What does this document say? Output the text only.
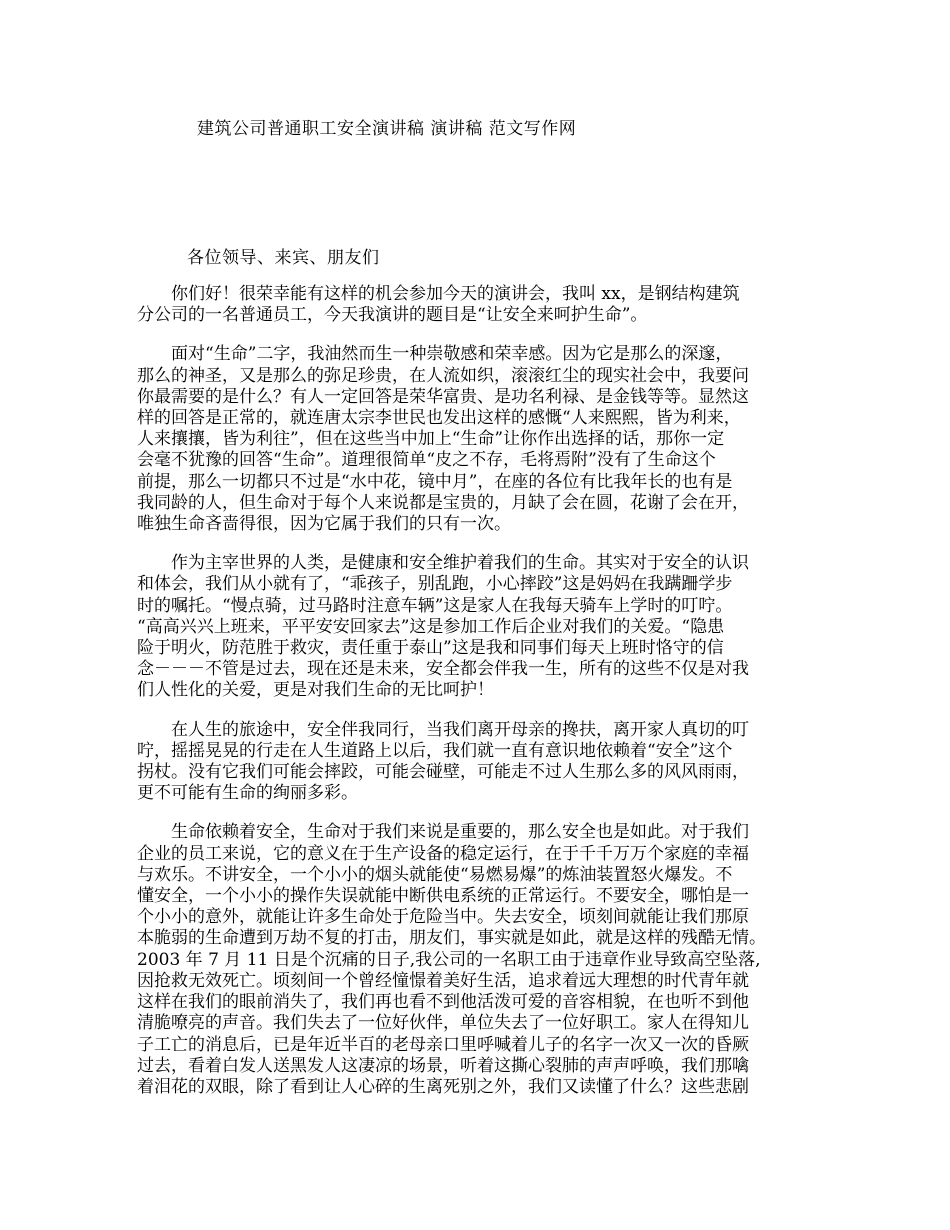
建筑公司普通职工安全演讲稿 演讲稿 范文写作网

各位领导、来宾、朋友们

　　你们好！很荣幸能有这样的机会参加今天的演讲会，我叫 xx，是钢结构建筑
分公司的一名普通员工，今天我演讲的题目是“让安全来呵护生命”。
　　面对“生命”二字，我油然而生一种崇敬感和荣幸感。因为它是那么的深邃，
那么的神圣，又是那么的弥足珍贵，在人流如织，滚滚红尘的现实社会中，我要问
你最需要的是什么？有人一定回答是荣华富贵、是功名利禄、是金钱等等。显然这
样的回答是正常的，就连唐太宗李世民也发出这样的感慨“人来熙熙，皆为利来，
人来攘攘，皆为利往”，但在这些当中加上“生命”让你作出选择的话，那你一定
会毫不犹豫的回答“生命”。道理很简单“皮之不存，毛将焉附”没有了生命这个
前提，那么一切都只不过是“水中花，镜中月”，在座的各位有比我年长的也有是
我同龄的人，但生命对于每个人来说都是宝贵的，月缺了会在圆，花谢了会在开，
唯独生命吝啬得很，因为它属于我们的只有一次。
　　作为主宰世界的人类，是健康和安全维护着我们的生命。其实对于安全的认识
和体会，我们从小就有了，“乖孩子，别乱跑，小心摔跤”这是妈妈在我蹒跚学步
时的嘱托。“慢点骑，过马路时注意车辆”这是家人在我每天骑车上学时的叮咛。
“高高兴兴上班来，平平安安回家去”这是参加工作后企业对我们的关爱。“隐患
险于明火，防范胜于救灾，责任重于泰山”这是我和同事们每天上班时恪守的信
念－－－不管是过去，现在还是未来，安全都会伴我一生，所有的这些不仅是对我
们人性化的关爱，更是对我们生命的无比呵护！
　　在人生的旅途中，安全伴我同行，当我们离开母亲的搀扶，离开家人真切的叮
咛，摇摇晃晃的行走在人生道路上以后，我们就一直有意识地依赖着“安全”这个
拐杖。没有它我们可能会摔跤，可能会碰壁，可能走不过人生那么多的风风雨雨，
更不可能有生命的绚丽多彩。
　　生命依赖着安全，生命对于我们来说是重要的，那么安全也是如此。对于我们
企业的员工来说，它的意义在于生产设备的稳定运行，在于千千万万个家庭的幸福
与欢乐。不讲安全，一个小小的烟头就能使“易燃易爆”的炼油装置怒火爆发。不
懂安全，一个小小的操作失误就能中断供电系统的正常运行。不要安全，哪怕是一
个小小的意外，就能让许多生命处于危险当中。失去安全，顷刻间就能让我们那原
本脆弱的生命遭到万劫不复的打击，朋友们，事实就是如此，就是这样的残酷无情。
2003 年 7 月 11 日是个沉痛的日子,我公司的一名职工由于违章作业导致高空坠落,
因抢救无效死亡。顷刻间一个曾经憧憬着美好生活，追求着远大理想的时代青年就
这样在我们的眼前消失了，我们再也看不到他活泼可爱的音容相貌，在也听不到他
清脆嘹亮的声音。我们失去了一位好伙伴，单位失去了一位好职工。家人在得知儿
子工亡的消息后，已是年近半百的老母亲口里呼喊着儿子的名字一次又一次的昏厥
过去，看着白发人送黑发人这凄凉的场景，听着这撕心裂肺的声声呼唤，我们那噙
着泪花的双眼，除了看到让人心碎的生离死别之外，我们又读懂了什么？这些悲剧
